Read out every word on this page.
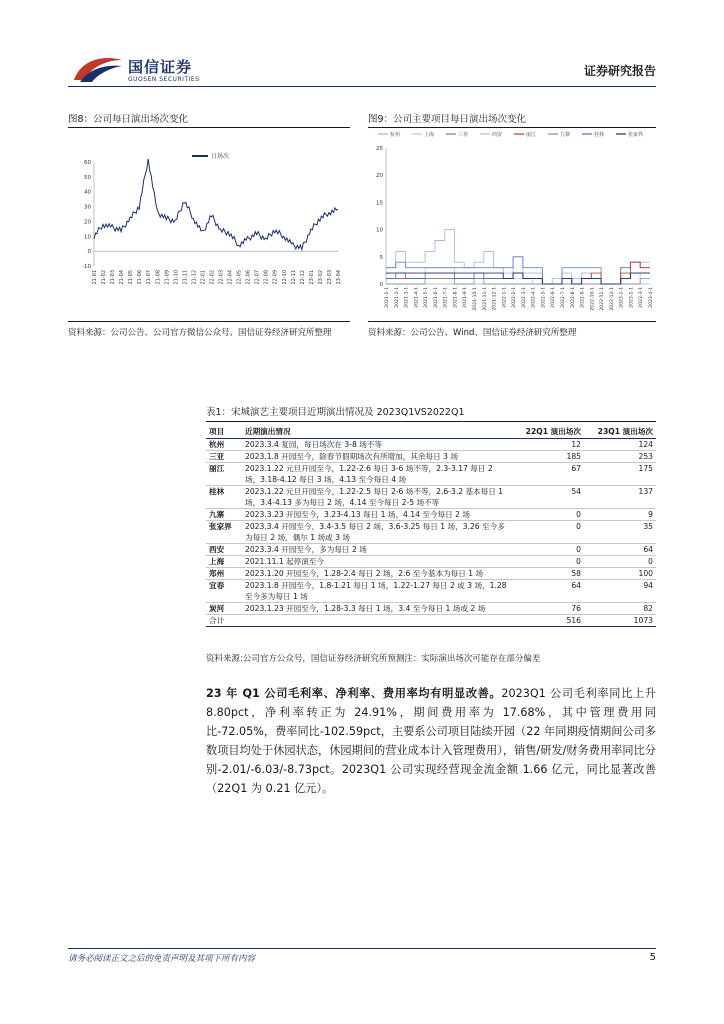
国信证券
GUOSEN SECURITIES
证券研究报告
图8：公司每日演出场次变化
-10
0
10
20
30
40
50
60
21-01 21-02 21-03 21-04 21-05 21-06 21-07 21-08 21-09 21-10 21-11 21-12 22-01 22-02 22-03 22-04 22-05 22-06 22-07 22-08 22-09 22-10 22-11 22-12 23-01 23-02 23-03 23-04
日场次
资料来源：公司公告、公司官方微信公众号、国信证券经济研究所整理
图9：公司主要项目每日演出场次变化
杭州	上海	三亚	西安	丽江	九寨	桂林	张家界
0
5
10
15
20
25
2021-1-1 2021-2-1 2021-3-1 2021-4-1 2021-5-1 2021-6-1 2021-7-1 2021-8-1 2021-9-1 2021-10-1 2021-11-1 2021-12-1 2022-1-1 2022-2-1 2022-3-1 2022-4-1 2022-5-1 2022-6-1 2022-7-1 2022-8-1 2022-9-1 2022-10-1 2022-11-1 2022-12-1 2023-1-1 2023-2-1 2023-3-1 2023-4-1
资料来源：公司公告、Wind、国信证券经济研究所整理
表1：宋城演艺主要项目近期演出情况及 2023Q1VS2022Q1
项目	近期演出情况	22Q1 演出场次	23Q1 演出场次
杭州	2023.3.4 复园，每日场次在 3-8 场不等	12	124
三亚	2023.1.8 开园至今，除春节假期场次有所增加，其余每日 3 场	185	253
丽江	2023.1.22 元旦开园至今，1.22-2.6 每日 3-6 场不等，2.3-3.17 每日 2 场，3.18-4.12 每日 3 场，4.13 至今每日 4 场	67	175
桂林	2023.1.22 元旦开园至今，1.22-2.5 每日 2-6 场不等，2.6-3.2 基本每日 1 场，3.4-4.13 多为每日 2 场，4.14 至今每日 2-5 场不等	54	137
九寨	2023.3.23 开园至今，3.23-4.13 每日 1 场，4.14 至今每日 2 场	0	9
张家界	2023.3.4 开园至今，3.4-3.5 每日 2 场，3.6-3.25 每日 1 场，3.26 至今多为每日 2 场，偶尔 1 场或 3 场	0	35
西安	2023.3.4 开园至今，多为每日 2 场	0	64
上海	2021.11.1 起停演至今	0	0
郑州	2023.1.20 开园至今，1.28-2.4 每日 2 场，2.6 至今基本为每日 1 场	58	100
宜春	2023.1.8 开园至今，1.8-1.21 每日 1 场，1.22-1.27 每日 2 或 3 场，1.28 至今多为每日 1 场	64	94
炭河	2023.1.23 开园至今，1.28-3.3 每日 1 场，3.4 至今每日 1 场或 2 场	76	82
合计		516	1073
资料来源:公司官方公众号，国信证券经济研究所预测注：实际演出场次可能存在部分偏差
23 年 Q1 公司毛利率、净利率、费用率均有明显改善。2023Q1 公司毛利率同比上升 8.80pct，净利率转正为 24.91%，期间费用率为 17.68%，其中管理费用同比-72.05%，费率同比-102.59pct，主要系公司项目陆续开园（22 年同期疫情期间公司多数项目均处于休园状态，休园期间的营业成本计入管理费用），销售/研发/财务费用率同比分别-2.01/-6.03/-8.73pct。2023Q1 公司实现经营现金流金额 1.66 亿元，同比显著改善（22Q1 为 0.21 亿元）。
请务必阅读正文之后的免责声明及其项下所有内容	5
